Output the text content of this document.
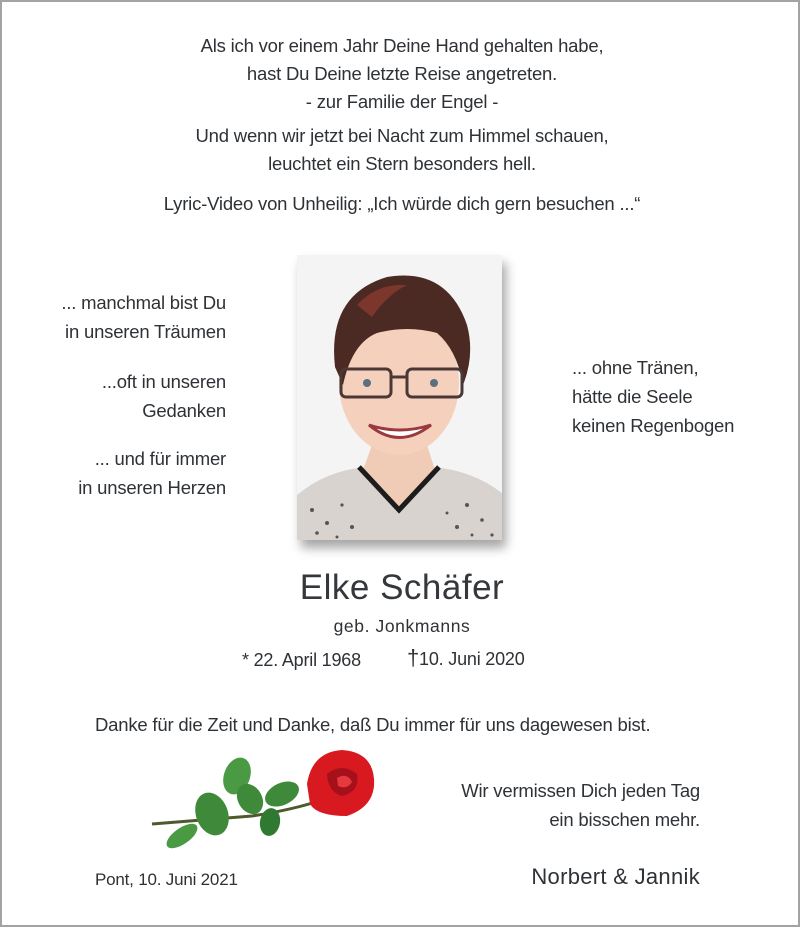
Als ich vor einem Jahr Deine Hand gehalten habe,
hast Du Deine letzte Reise angetreten.
- zur Familie der Engel -
Und wenn wir jetzt bei Nacht zum Himmel schauen,
leuchtet ein Stern besonders hell.
Lyric-Video von Unheilig: „Ich würde dich gern besuchen ...“
... manchmal bist Du
in unseren Träumen
...oft in unseren
Gedanken
... und für immer
in unseren Herzen
... ohne Tränen,
hätte die Seele
keinen Regenbogen
Elke Schäfer
geb. Jonkmanns
* 22. April 1968 †10. Juni 2020
Danke für die Zeit und Danke, daß Du immer für uns dagewesen bist.
Wir vermissen Dich jeden Tag
ein bisschen mehr.
Pont, 10. Juni 2021	Norbert & Jannik
